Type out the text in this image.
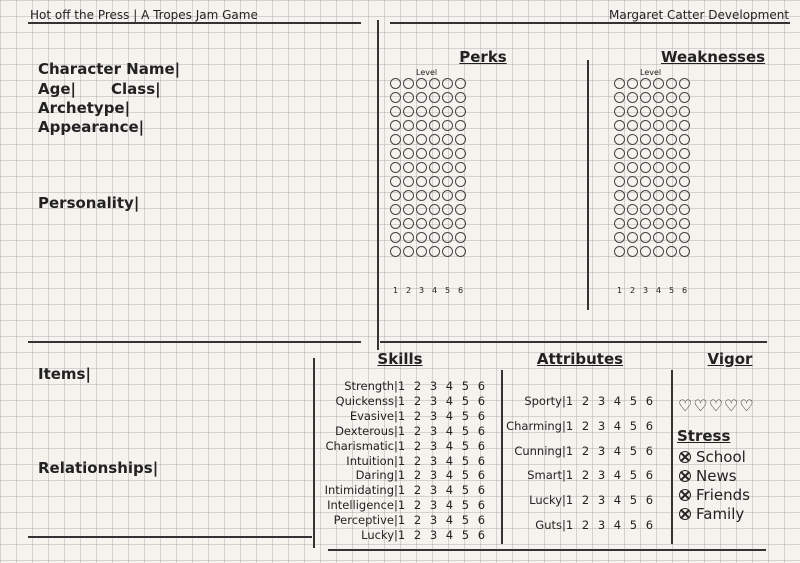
Hot off the Press | A Tropes Jam Game	Margaret Catter Development
Character Name|
Age| Class|
Archetype|
Appearance|
Personality|
Items|
Relationships|
Perks
Level
1 2 3 4 5 6
Weaknesses
Level
1 2 3 4 5 6
Skills
Strength|1 2 3 4 5 6
Quickenss|1 2 3 4 5 6
Evasive|1 2 3 4 5 6
Dexterous|1 2 3 4 5 6
Charismatic|1 2 3 4 5 6
Intuition|1 2 3 4 5 6
Daring|1 2 3 4 5 6
Intimidating|1 2 3 4 5 6
Intelligence|1 2 3 4 5 6
Perceptive|1 2 3 4 5 6
Lucky|1 2 3 4 5 6
Attributes
Sporty|1 2 3 4 5 6
Charming|1 2 3 4 5 6
Cunning|1 2 3 4 5 6
Smart|1 2 3 4 5 6
Lucky|1 2 3 4 5 6
Guts|1 2 3 4 5 6
Vigor
♡♡♡♡♡
Stress
School
News
Friends
Family
